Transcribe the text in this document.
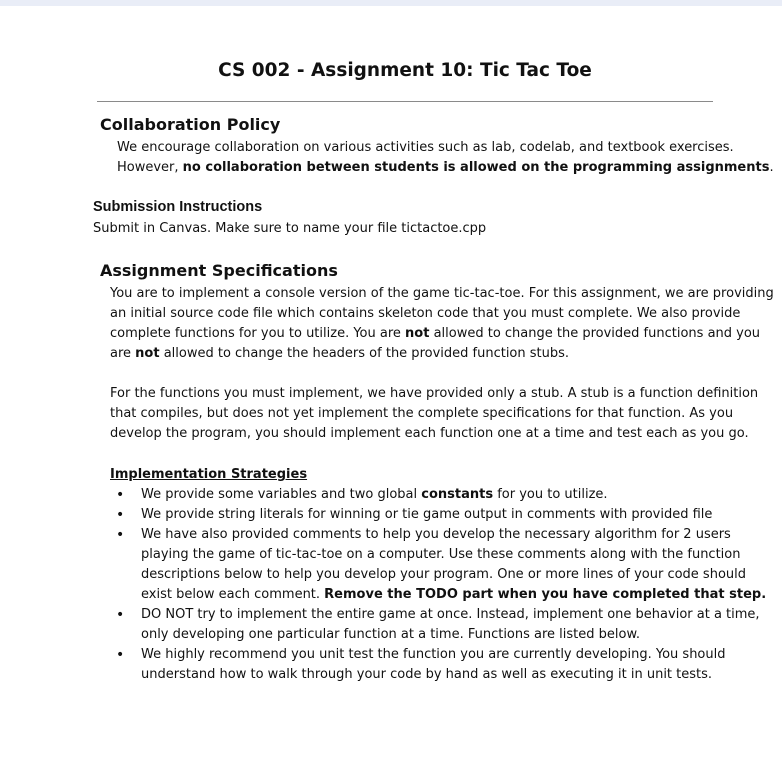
CS 002 - Assignment 10: Tic Tac Toe
Collaboration Policy
We encourage collaboration on various activities such as lab, codelab, and textbook exercises.
However, no collaboration between students is allowed on the programming assignments.
Submission Instructions
Submit in Canvas. Make sure to name your file tictactoe.cpp
Assignment Specifications
You are to implement a console version of the game tic-tac-toe. For this assignment, we are providing
an initial source code file which contains skeleton code that you must complete. We also provide
complete functions for you to utilize. You are not allowed to change the provided functions and you
are not allowed to change the headers of the provided function stubs.
For the functions you must implement, we have provided only a stub. A stub is a function definition
that compiles, but does not yet implement the complete specifications for that function. As you
develop the program, you should implement each function one at a time and test each as you go.
Implementation Strategies
• We provide some variables and two global constants for you to utilize.
• We provide string literals for winning or tie game output in comments with provided file
• We have also provided comments to help you develop the necessary algorithm for 2 users
playing the game of tic-tac-toe on a computer. Use these comments along with the function
descriptions below to help you develop your program. One or more lines of your code should
exist below each comment. Remove the TODO part when you have completed that step.
• DO NOT try to implement the entire game at once. Instead, implement one behavior at a time,
only developing one particular function at a time. Functions are listed below.
• We highly recommend you unit test the function you are currently developing. You should
understand how to walk through your code by hand as well as executing it in unit tests.
